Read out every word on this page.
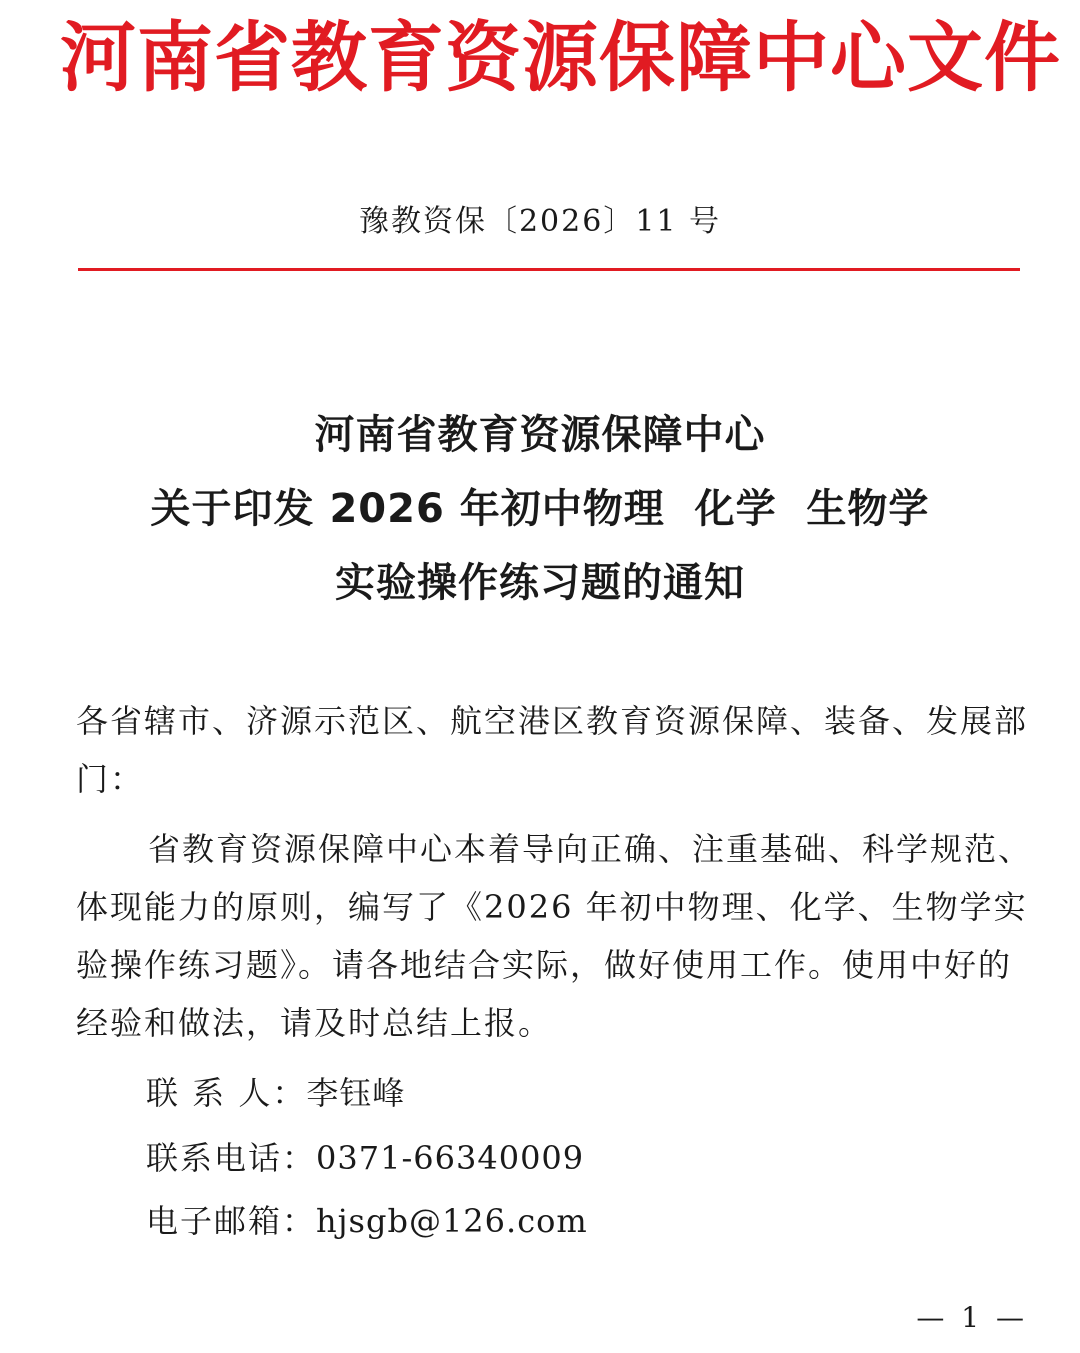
河南省教育资源保障中心文件
豫教资保〔2026〕11 号
河南省教育资源保障中心
关于印发 2026 年初中物理  化学  生物学
实验操作练习题的通知
各省辖市、济源示范区、航空港区教育资源保障、装备、发展部门：
省教育资源保障中心本着导向正确、注重基础、科学规范、体现能力的原则，编写了《2026 年初中物理、化学、生物学实验操作练习题》。请各地结合实际，做好使用工作。使用中好的经验和做法，请及时总结上报。
联 系 人：李钰峰
联系电话：0371-66340009
电子邮箱：hjsgb@126.com
— 1 —
